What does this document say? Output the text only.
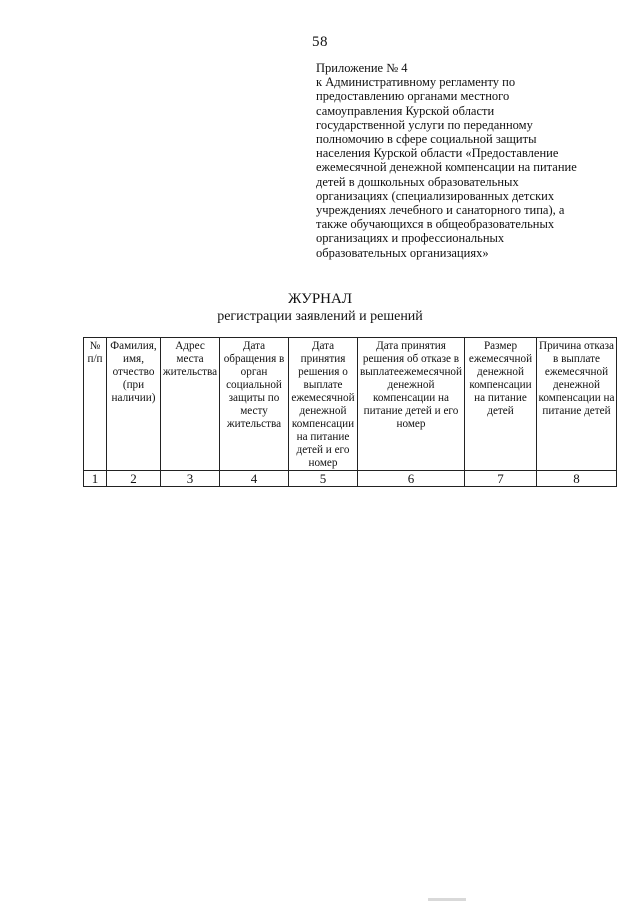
58
Приложение № 4
к Административному регламенту по
предоставлению органами местного
самоуправления Курской области
государственной услуги по переданному
полномочию в сфере социальной защиты
населения Курской области «Предоставление
ежемесячной денежной компенсации на питание
детей в дошкольных образовательных
организациях (специализированных детских
учреждениях лечебного и санаторного типа), а
также обучающихся в общеобразовательных
организациях и профессиональных
образовательных организациях»
ЖУРНАЛ
регистрации заявлений и решений
№ п/п	Фамилия, имя, отчество (при наличии)	Адрес места жительства	Дата обращения в орган социальной защиты по месту жительства	Дата принятия решения о выплате ежемесячной денежной компенсации на питание детей и его номер	Дата принятия решения об отказе в выплатеежемесячной денежной компенсации на питание детей и его номер	Размер ежемесячной денежной компенсации на питание детей	Причина отказа в выплате ежемесячной денежной компенсации на питание детей
1	2	3	4	5	6	7	8
